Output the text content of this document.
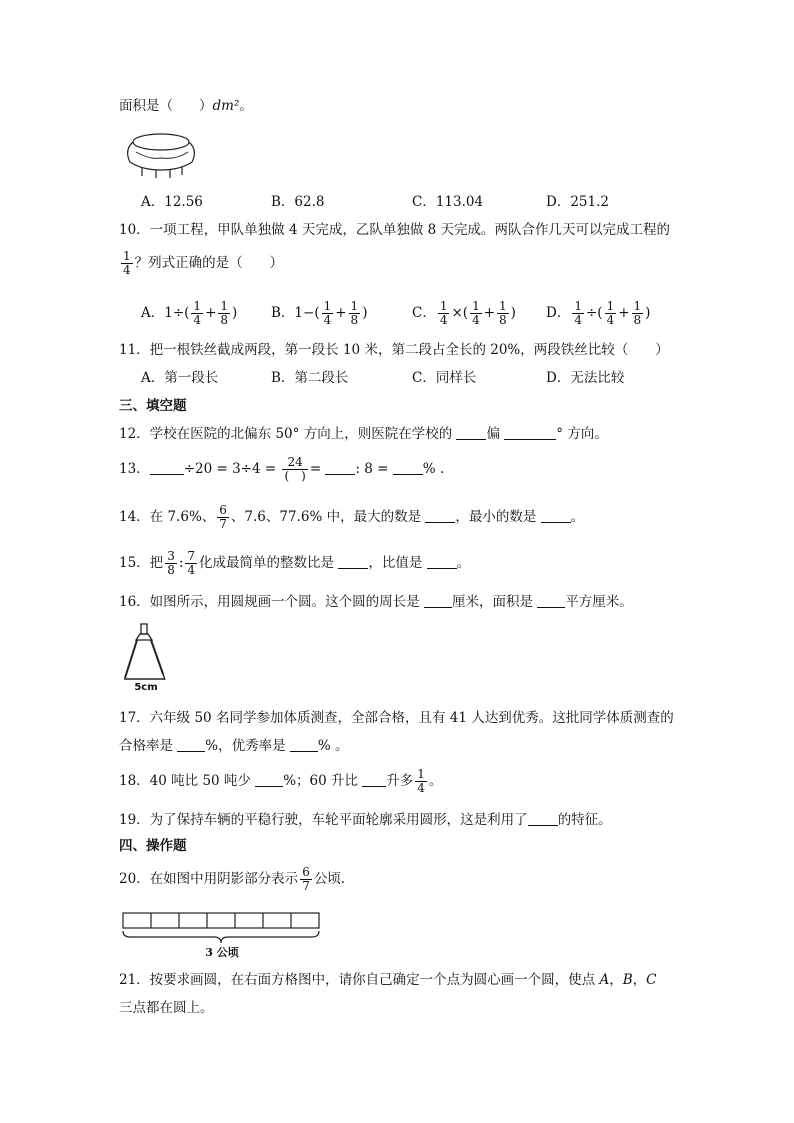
面积是（ ）dm²。
A．12.56	B．62.8	C．113.04	D．251.2
10．一项工程，甲队单独做 4 天完成，乙队单独做 8 天完成。两队合作几天可以完成工程的
$\frac{1}{4}$ ？列式正确的是（　　）
A．$1\div( \frac{1}{4} + \frac{1}{8}$ ) B．$1-( \frac{1}{4} + \frac{1}{8}$ )	C． $\frac{1}{4}$ ×( $\frac{1}{4} + \frac{1}{8}$ ) D． $\frac{1}{4}$ ÷( $\frac{1}{4} + \frac{1}{8}$ )
11．把一根铁丝截成两段，第一段长 10 米，第二段占全长的 20%，两段铁丝比较（　　）
A．第一段长	B．第二段长	C．同样长	D．无法比较
三、填空题
12．学校在医院的北偏东 50° 方向上，则医院在学校的 偏	° 方向。
13．	$\div 20 = 3\div 4 = \frac{24}{( )}$ = : 8 = % .
14．在 7.6%、 $\frac{6}{7}$ 、7.6、77.6% 中，最大的数是 ，最小的数是 。
15．把 $\frac{3}{8}$ : $\frac{7}{4}$ 化成最简单的整数比是 ，比值是 。
16．如图所示，用圆规画一个圆。这个圆的周长是 厘米，面积是 平方厘米。
5cm
17．六年级 50 名同学参加体质测查，全部合格，且有 41 人达到优秀。这批同学体质测查的
合格率是 %，优秀率是 % 。
18．40 吨比 50 吨少 %；60 升比 升多 $\frac{1}{4}$ 。
19．为了保持车辆的平稳行驶，车轮平面轮廓采用圆形，这是利用了 的特征。
四、操作题
20．在如图中用阴影部分表示 $\frac{6}{7}$ 公顷．
3 公顷
21．按要求画圆，在右面方格图中，请你自己确定一个点为圆心画一个圆，使点 A，B，C
三点都在圆上。
